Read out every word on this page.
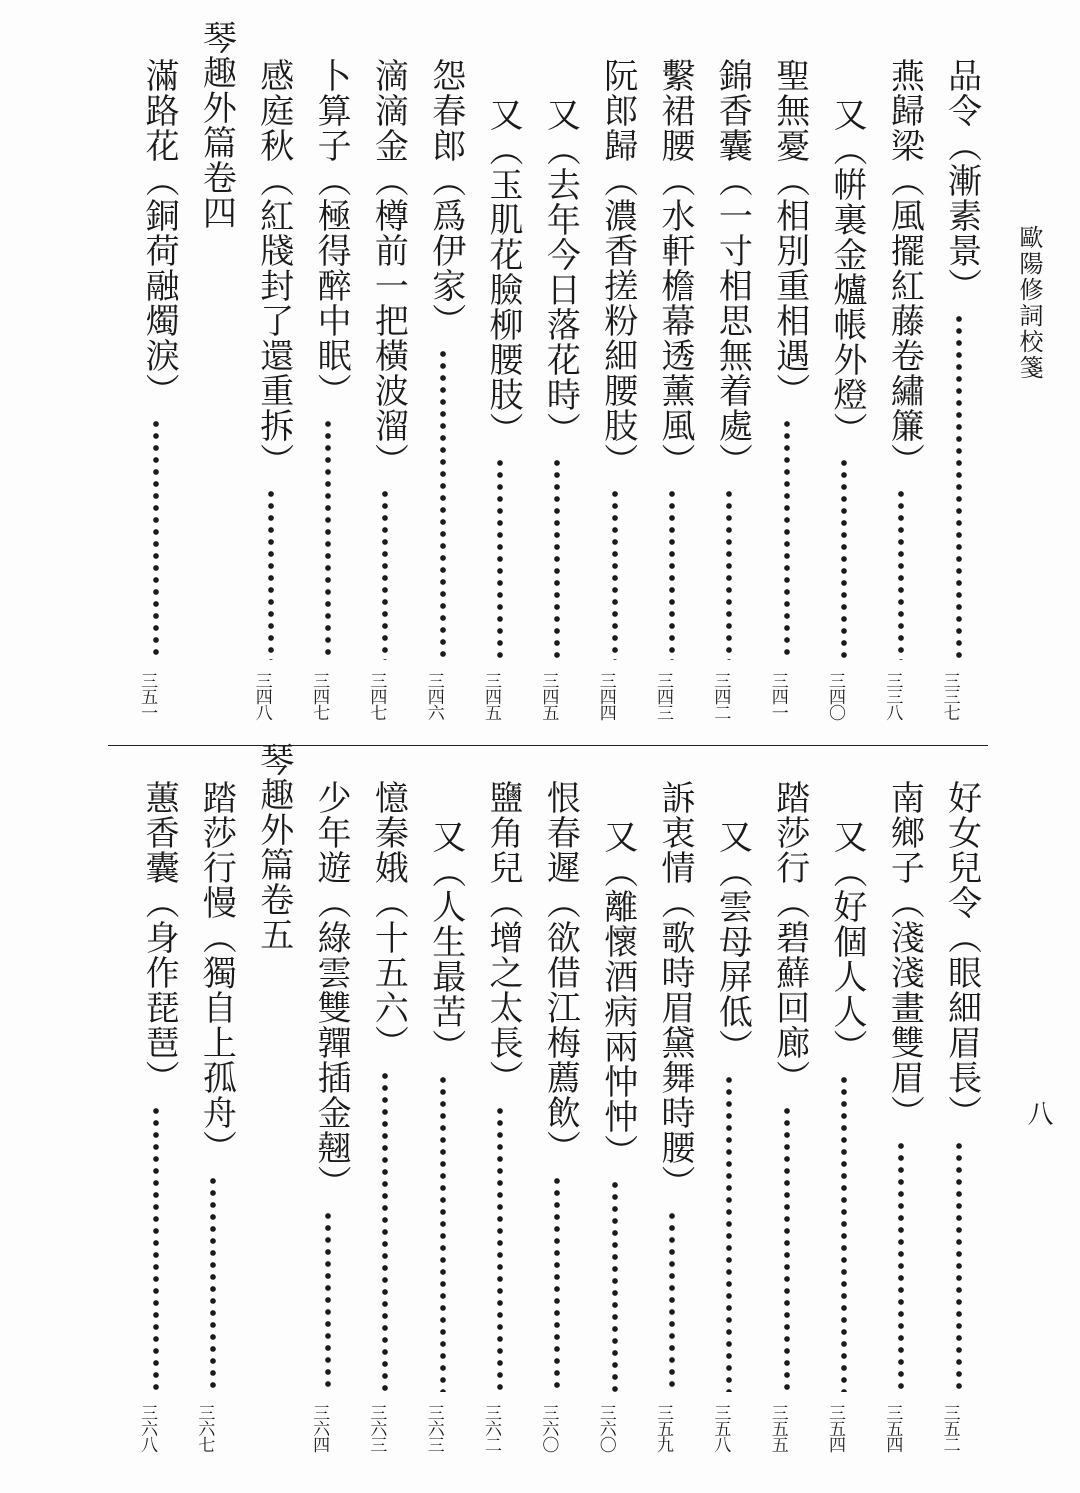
歐陽修詞校箋
八
品令（漸素景）
三三七
燕歸梁（風擺紅藤卷繡簾）
三三八
又（帲裏金爐帳外燈）
三四〇
聖無憂（相別重相遇）
三四一
錦香囊（一寸相思無着處）
三四二
繫裙腰（水軒檐幕透薰風）
三四三
阮郎歸（濃香搓粉細腰肢）
三四四
又（去年今日落花時）
三四五
又（玉肌花臉柳腰肢）
三四五
怨春郎（爲伊家）
三四六
滴滴金（樽前一把橫波溜）
三四七
卜算子（極得醉中眠）
三四七
感庭秋（紅牋封了還重拆）
三四八
琴趣外篇卷四
滿路花（銅荷融燭淚）
三五一
好女兒令（眼細眉長）
三五二
南鄉子（淺淺畫雙眉）
三五四
又（好個人人）
三五四
踏莎行（碧蘚回廊）
三五五
又（雲母屏低）
三五八
訴衷情（歌時眉黛舞時腰）
三五九
又（離懷酒病兩忡忡）
三六〇
恨春遲（欲借江梅薦飲）
三六〇
鹽角兒（增之太長）
三六二
又（人生最苦）
三六三
憶秦娥（十五六）
三六三
少年遊（綠雲雙嚲插金翹）
三六四
琴趣外篇卷五
踏莎行慢（獨自上孤舟）
三六七
蕙香囊（身作琵琶）
三六八
